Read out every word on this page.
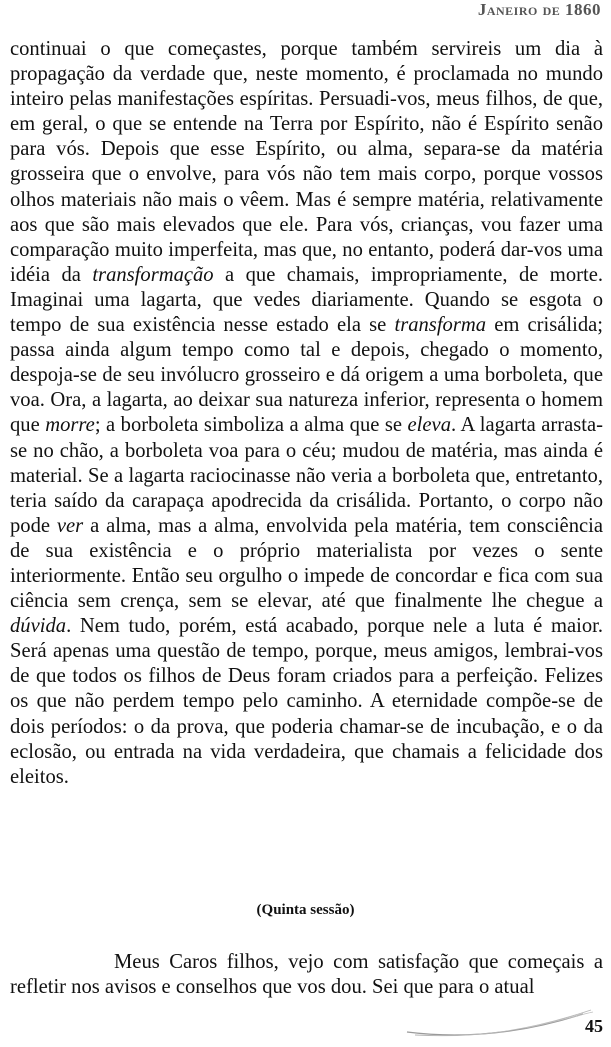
Janeiro de 1860

continuai o que começastes, porque também servireis um dia à propagação da verdade que, neste momento, é proclamada no mundo inteiro pelas manifestações espíritas. Persuadi-vos, meus filhos, de que, em geral, o que se entende na Terra por Espírito, não é Espírito senão para vós. Depois que esse Espírito, ou alma, separa-se da matéria grosseira que o envolve, para vós não tem mais corpo, porque vossos olhos materiais não mais o vêem. Mas é sempre matéria, relativamente aos que são mais elevados que ele. Para vós, crianças, vou fazer uma comparação muito imperfeita, mas que, no entanto, poderá dar-vos uma idéia da transformação a que chamais, impropriamente, de morte. Imaginai uma lagarta, que vedes diariamente. Quando se esgota o tempo de sua existência nesse estado ela se transforma em crisálida; passa ainda algum tempo como tal e depois, chegado o momento, despoja-se de seu invólucro grosseiro e dá origem a uma borboleta, que voa. Ora, a lagarta, ao deixar sua natureza inferior, representa o homem que morre; a borboleta simboliza a alma que se eleva. A lagarta arrasta-se no chão, a borboleta voa para o céu; mudou de matéria, mas ainda é material. Se a lagarta raciocinasse não veria a borboleta que, entretanto, teria saído da carapaça apodrecida da crisálida. Portanto, o corpo não pode ver a alma, mas a alma, envolvida pela matéria, tem consciência de sua existência e o próprio materialista por vezes o sente interiormente. Então seu orgulho o impede de concordar e fica com sua ciência sem crença, sem se elevar, até que finalmente lhe chegue a dúvida. Nem tudo, porém, está acabado, porque nele a luta é maior. Será apenas uma questão de tempo, porque, meus amigos, lembrai-vos de que todos os filhos de Deus foram criados para a perfeição. Felizes os que não perdem tempo pelo caminho. A eternidade compõe-se de dois períodos: o da prova, que poderia chamar-se de incubação, e o da eclosão, ou entrada na vida verdadeira, que chamais a felicidade dos eleitos.

(Quinta sessão)

Meus Caros filhos, vejo com satisfação que começais a refletir nos avisos e conselhos que vos dou. Sei que para o atual

45
